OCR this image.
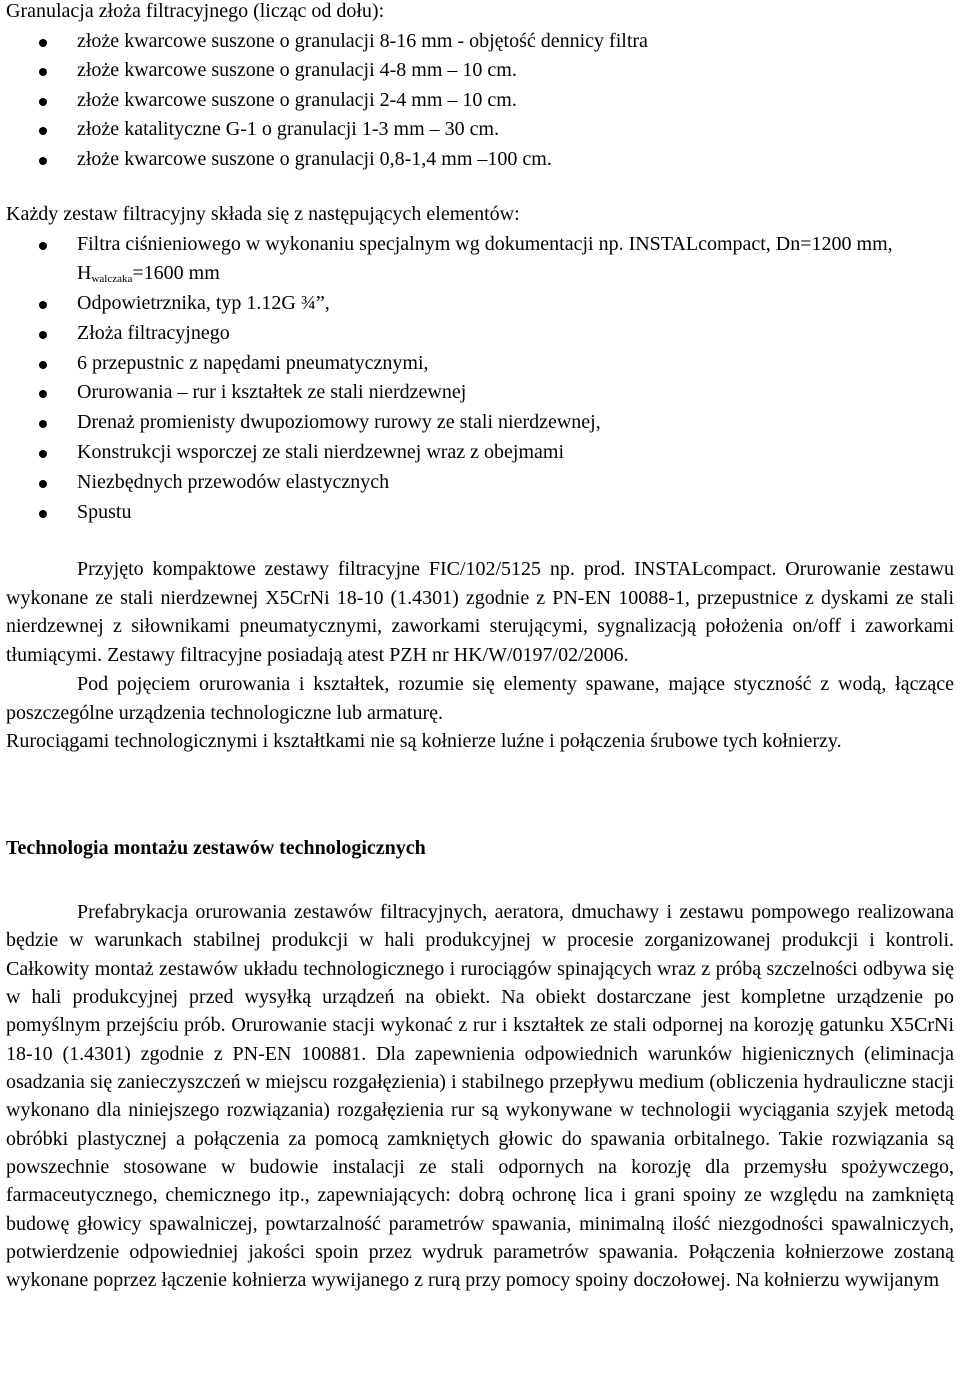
Granulacja złoża filtracyjnego (licząc od dołu):

złoże kwarcowe suszone o granulacji 8-16 mm - objętość dennicy filtra
złoże kwarcowe suszone o granulacji 4-8 mm – 10 cm.
złoże kwarcowe suszone o granulacji 2-4 mm – 10 cm.
złoże katalityczne G-1 o granulacji 1-3 mm – 30 cm.
złoże kwarcowe suszone o granulacji 0,8-1,4 mm –100 cm.

Każdy zestaw filtracyjny składa się z następujących elementów:

Filtra ciśnieniowego w wykonaniu specjalnym wg dokumentacji np. INSTALcompact, Dn=1200 mm, $H_{walczaka}=1600$ mm
Odpowietrznika, typ 1.12G ¾”,
Złoża filtracyjnego
6 przepustnic z napędami pneumatycznymi,
Orurowania – rur i kształtek ze stali nierdzewnej
Drenaż promienisty dwupoziomowy rurowy ze stali nierdzewnej,
Konstrukcji wsporczej ze stali nierdzewnej wraz z obejmami
Niezbędnych przewodów elastycznych
Spustu

Przyjęto kompaktowe zestawy filtracyjne FIC/102/5125 np. prod. INSTALcompact. Orurowanie zestawu wykonane ze stali nierdzewnej X5CrNi 18-10 (1.4301) zgodnie z PN-EN 10088-1, przepustnice z dyskami ze stali nierdzewnej z siłownikami pneumatycznymi, zaworkami sterującymi, sygnalizacją położenia on/off i zaworkami tłumiącymi. Zestawy filtracyjne posiadają atest PZH nr HK/W/0197/02/2006.

Pod pojęciem orurowania i kształtek, rozumie się elementy spawane, mające styczność z wodą, łączące poszczególne urządzenia technologiczne lub armaturę.

Rurociągami technologicznymi i kształtkami nie są kołnierze luźne i połączenia śrubowe tych kołnierzy.

Technologia montażu zestawów technologicznych

Prefabrykacja orurowania zestawów filtracyjnych, aeratora, dmuchawy i zestawu pompowego realizowana będzie w warunkach stabilnej produkcji w hali produkcyjnej w procesie zorganizowanej produkcji i kontroli. Całkowity montaż zestawów układu technologicznego i rurociągów spinających wraz z próbą szczelności odbywa się w hali produkcyjnej przed wysyłką urządzeń na obiekt. Na obiekt dostarczane jest kompletne urządzenie po pomyślnym przejściu prób. Orurowanie stacji wykonać z rur i kształtek ze stali odpornej na korozję gatunku X5CrNi 18-10 (1.4301) zgodnie z PN-EN 100881. Dla zapewnienia odpowiednich warunków higienicznych (eliminacja osadzania się zanieczyszczeń w miejscu rozgałęzienia) i stabilnego przepływu medium (obliczenia hydrauliczne stacji wykonano dla niniejszego rozwiązania) rozgałęzienia rur są wykonywane w technologii wyciągania szyjek metodą obróbki plastycznej a połączenia za pomocą zamkniętych głowic do spawania orbitalnego. Takie rozwiązania są powszechnie stosowane w budowie instalacji ze stali odpornych na korozję dla przemysłu spożywczego, farmaceutycznego, chemicznego itp., zapewniających: dobrą ochronę lica i grani spoiny ze względu na zamkniętą budowę głowicy spawalniczej, powtarzalność parametrów spawania, minimalną ilość niezgodności spawalniczych, potwierdzenie odpowiedniej jakości spoin przez wydruk parametrów spawania. Połączenia kołnierzowe zostaną wykonane poprzez łączenie kołnierza wywijanego z rurą przy pomocy spoiny doczołowej. Na kołnierzu wywijanym
